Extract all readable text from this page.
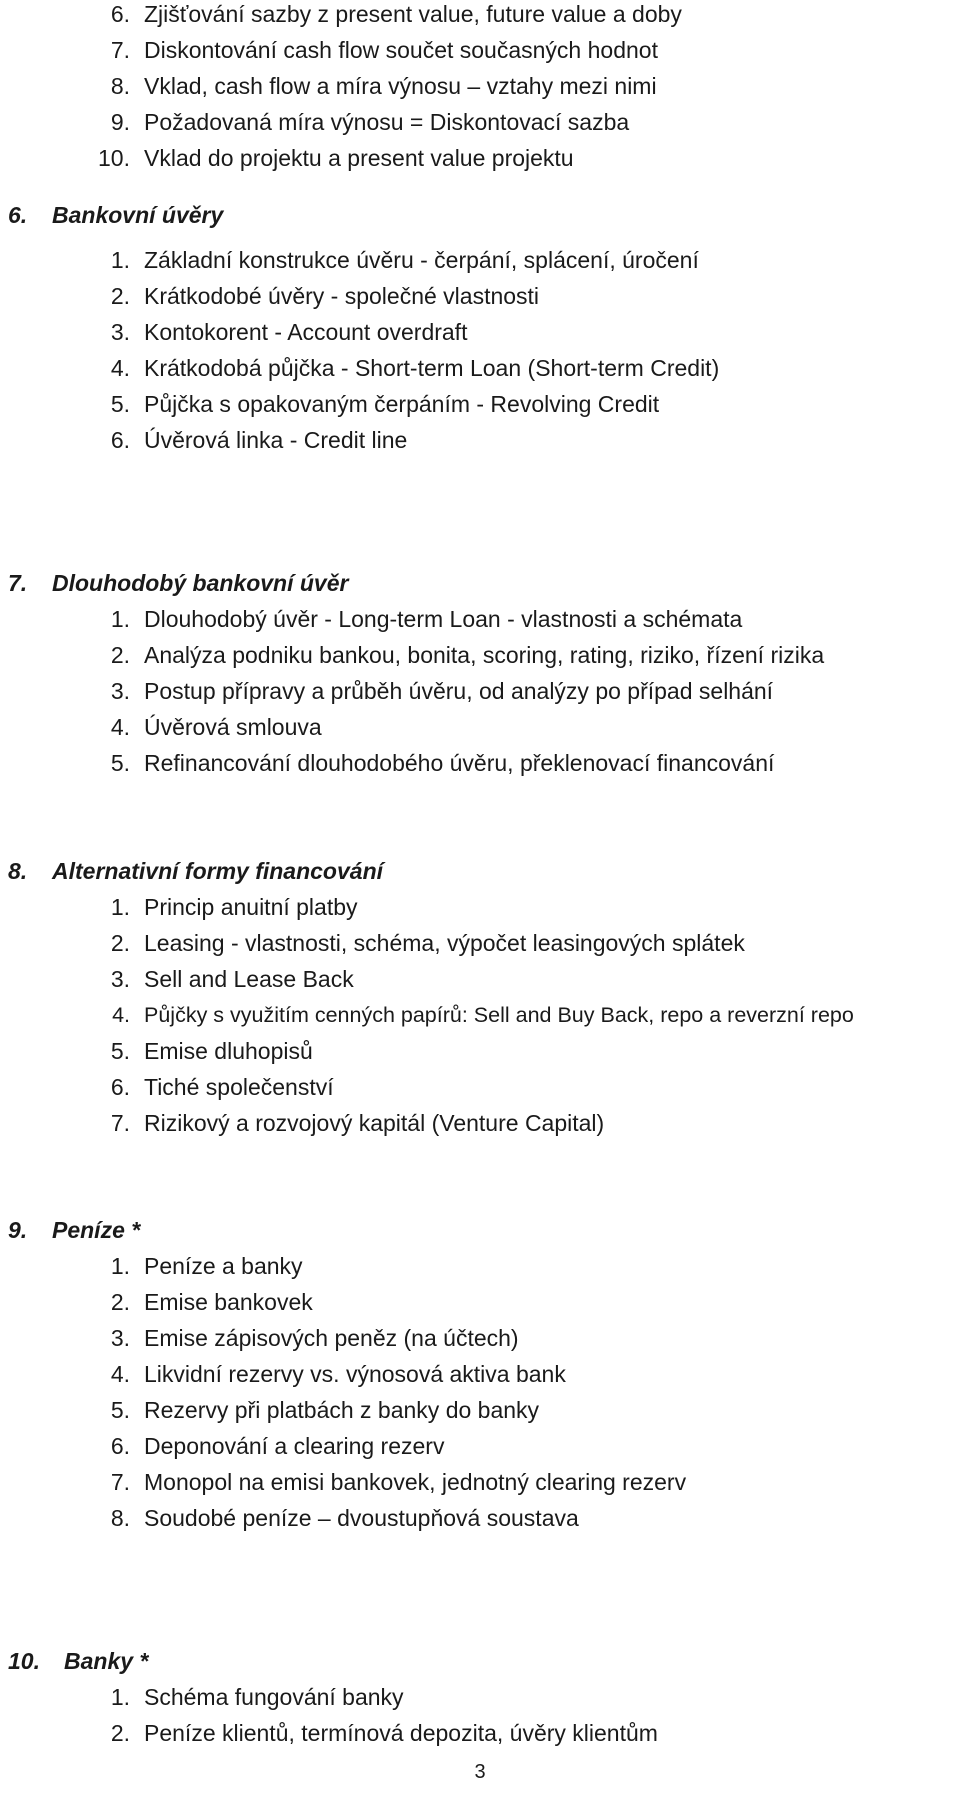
6. Zjišťování sazby z present value, future value a doby
7. Diskontování cash flow součet současných hodnot
8. Vklad, cash flow a míra výnosu – vztahy mezi nimi
9. Požadovaná míra výnosu = Diskontovací sazba
10. Vklad do projektu a present value projektu
6.	Bankovní úvěry
1. Základní konstrukce úvěru - čerpání, splácení, úročení
2. Krátkodobé úvěry - společné vlastnosti
3. Kontokorent - Account overdraft
4. Krátkodobá půjčka - Short-term Loan (Short-term Credit)
5. Půjčka s opakovaným čerpáním - Revolving Credit
6. Úvěrová linka - Credit line
7.	Dlouhodobý bankovní úvěr
1. Dlouhodobý úvěr - Long-term Loan - vlastnosti a schémata
2. Analýza podniku bankou, bonita, scoring, rating, riziko, řízení rizika
3. Postup přípravy a průběh úvěru, od analýzy po případ selhání
4. Úvěrová smlouva
5. Refinancování dlouhodobého úvěru, překlenovací financování
8.	Alternativní formy financování
1. Princip anuitní platby
2. Leasing - vlastnosti, schéma, výpočet leasingových splátek
3. Sell and Lease Back
4. Půjčky s využitím cenných papírů: Sell and Buy Back, repo a reverzní repo
5. Emise dluhopisů
6. Tiché společenství
7. Rizikový a rozvojový kapitál (Venture Capital)
9.	Peníze *
1. Peníze a banky
2. Emise bankovek
3. Emise zápisových peněz (na účtech)
4. Likvidní rezervy vs. výnosová aktiva bank
5. Rezervy při platbách z banky do banky
6. Deponování a clearing rezerv
7. Monopol na emisi bankovek, jednotný clearing rezerv
8. Soudobé peníze – dvoustupňová soustava
10.	Banky *
1. Schéma fungování banky
2. Peníze klientů, termínová depozita, úvěry klientům
3
